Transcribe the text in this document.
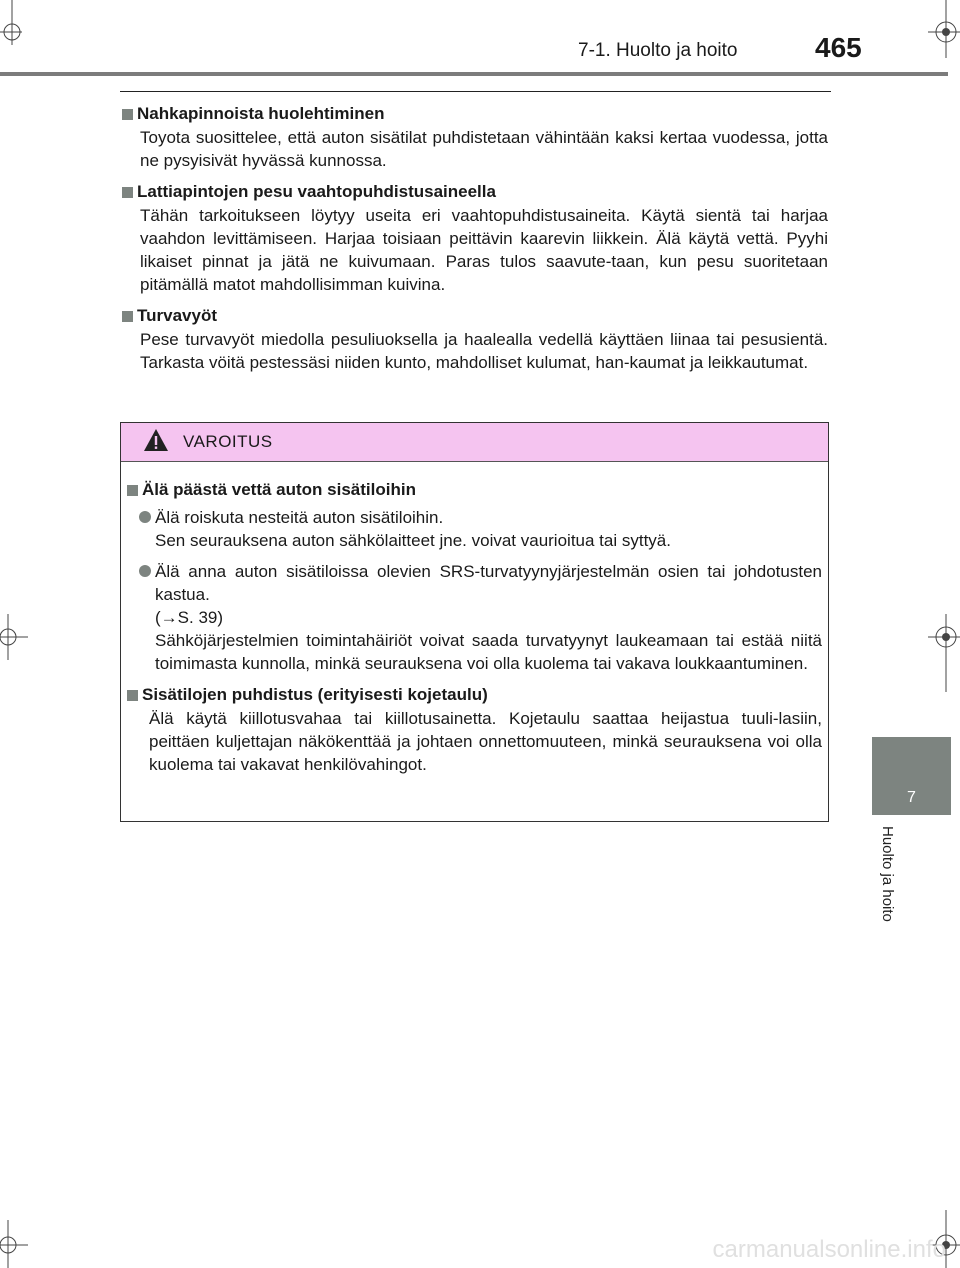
7-1. Huolto ja hoito	465
7
Huolto ja hoito
Nahkapinnoista huolehtiminen
Toyota suosittelee, että auton sisätilat puhdistetaan vähintään kaksi kertaa vuodessa, jotta ne pysyisivät hyvässä kunnossa.
Lattiapintojen pesu vaahtopuhdistusaineella
Tähän tarkoitukseen löytyy useita eri vaahtopuhdistusaineita. Käytä sientä tai harjaa vaahdon levittämiseen. Harjaa toisiaan peittävin kaarevin liikkein. Älä käytä vettä. Pyyhi likaiset pinnat ja jätä ne kuivumaan. Paras tulos saavute-taan, kun pesu suoritetaan pitämällä matot mahdollisimman kuivina.
Turvavyöt
Pese turvavyöt miedolla pesuliuoksella ja haalealla vedellä käyttäen liinaa tai pesusientä. Tarkasta vöitä pestessäsi niiden kunto, mahdolliset kulumat, han-kaumat ja leikkautumat.
VAROITUS
Älä päästä vettä auton sisätiloihin
Älä roiskuta nesteitä auton sisätiloihin.
Sen seurauksena auton sähkölaitteet jne. voivat vaurioitua tai syttyä.
Älä anna auton sisätiloissa olevien SRS-turvatyynyjärjestelmän osien tai johdotusten kastua.
(→S. 39)
Sähköjärjestelmien toimintahäiriöt voivat saada turvatyynyt laukeamaan tai estää niitä toimimasta kunnolla, minkä seurauksena voi olla kuolema tai vakava loukkaantuminen.
Sisätilojen puhdistus (erityisesti kojetaulu)
Älä käytä kiillotusvahaa tai kiillotusainetta. Kojetaulu saattaa heijastua tuuli-lasiin, peittäen kuljettajan näkökenttää ja johtaen onnettomuuteen, minkä seurauksena voi olla kuolema tai vakavat henkilövahingot.
carmanualsonline.info
